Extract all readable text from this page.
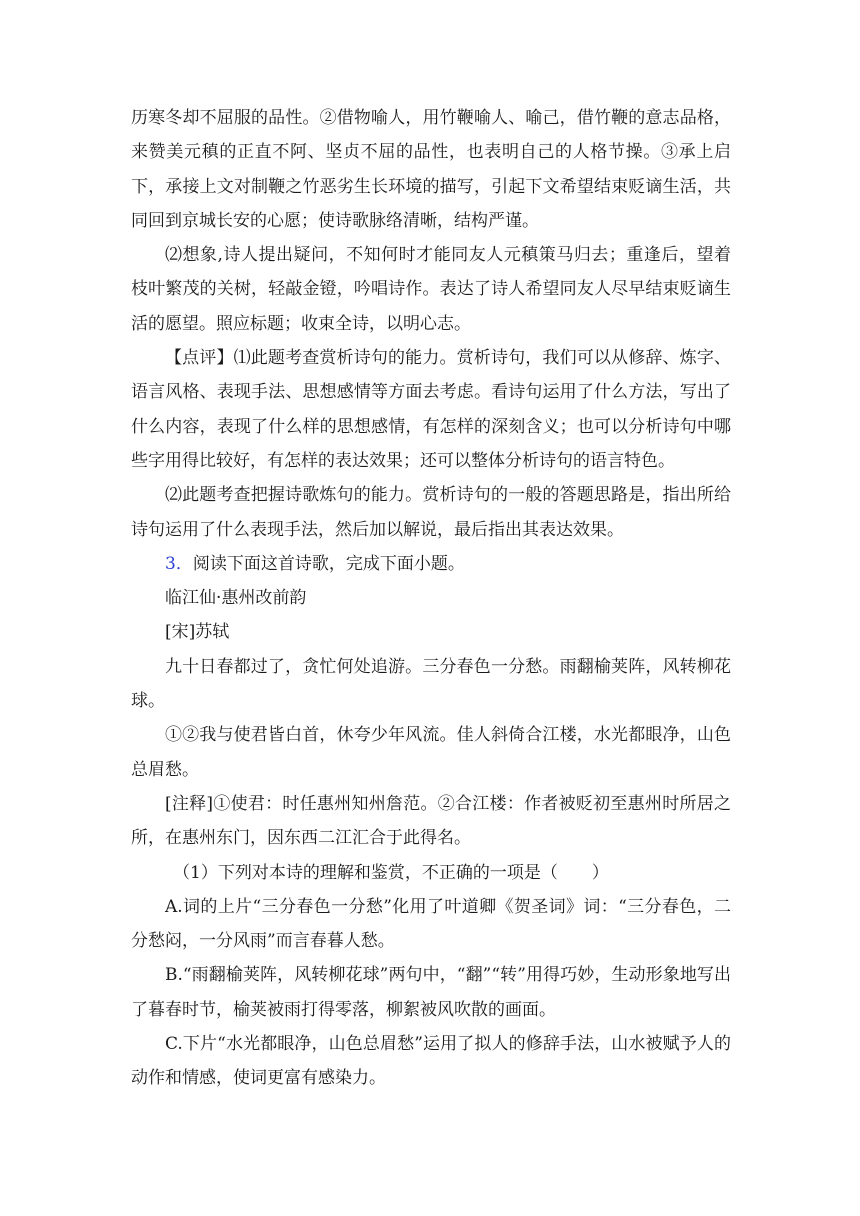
历寒冬却不屈服的品性。②借物喻人，用竹鞭喻人、喻己，借竹鞭的意志品格，来赞美元稹的正直不阿、坚贞不屈的品性，也表明自己的人格节操。③承上启下，承接上文对制鞭之竹恶劣生长环境的描写，引起下文希望结束贬谪生活，共同回到京城长安的心愿；使诗歌脉络清晰，结构严谨。

⑵想象,诗人提出疑问，不知何时才能同友人元稹策马归去；重逢后，望着枝叶繁茂的关树，轻敲金镫，吟唱诗作。表达了诗人希望同友人尽早结束贬谪生活的愿望。照应标题；收束全诗，以明心志。

【点评】⑴此题考查赏析诗句的能力。赏析诗句，我们可以从修辞、炼字、语言风格、表现手法、思想感情等方面去考虑。看诗句运用了什么方法，写出了什么内容，表现了什么样的思想感情，有怎样的深刻含义；也可以分析诗句中哪些字用得比较好，有怎样的表达效果；还可以整体分析诗句的语言特色。

⑵此题考查把握诗歌炼句的能力。赏析诗句的一般的答题思路是，指出所给诗句运用了什么表现手法，然后加以解说，最后指出其表达效果。

3．阅读下面这首诗歌，完成下面小题。

临江仙·惠州改前韵

[宋]苏轼

九十日春都过了，贪忙何处追游。三分春色一分愁。雨翻榆荚阵，风转柳花球。

①②我与使君皆白首，休夸少年风流。佳人斜倚合江楼，水光都眼净，山色总眉愁。

[注释]①使君：时任惠州知州詹范。②合江楼：作者被贬初至惠州时所居之所，在惠州东门，因东西二江汇合于此得名。

（1）下列对本诗的理解和鉴赏，不正确的一项是（　　）

A.词的上片“三分春色一分愁”化用了叶道卿《贺圣词》词：“三分春色，二分愁闷，一分风雨”而言春暮人愁。

B.“雨翻榆荚阵，风转柳花球”两句中，“翻”“转”用得巧妙，生动形象地写出了暮春时节，榆荚被雨打得零落，柳絮被风吹散的画面。

C.下片“水光都眼净，山色总眉愁”运用了拟人的修辞手法，山水被赋予人的动作和情感，使词更富有感染力。
